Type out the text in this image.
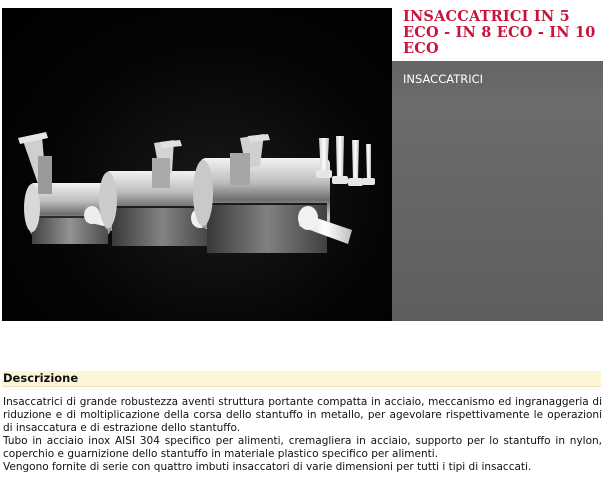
INSACCATRICI IN 5 ECO - IN 8 ECO - IN 10 ECO
INSACCATRICI
Descrizione

Insaccatrici di grande robustezza aventi struttura portante compatta in acciaio, meccanismo ed ingranaggeria di riduzione e di moltiplicazione della corsa dello stantuffo in metallo, per agevolare rispettivamente le operazioni di insaccatura e di estrazione dello stantuffo.

Tubo in acciaio inox AISI 304 specifico per alimenti, cremagliera in acciaio, supporto per lo stantuffo in nylon, coperchio e guarnizione dello stantuffo in materiale plastico specifico per alimenti.

Vengono fornite di serie con quattro imbuti insaccatori di varie dimensioni per tutti i tipi di insaccati.
